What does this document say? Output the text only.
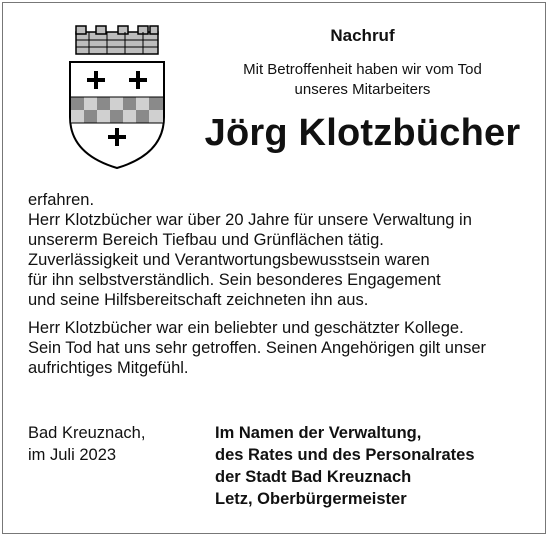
Nachruf
Mit Betroffenheit haben wir vom Tod
unseres Mitarbeiters
Jörg Klotzbücher

erfahren.

Herr Klotzbücher war über 20 Jahre für unsere Verwaltung in
unsererm Bereich Tiefbau und Grünflächen tätig.
Zuverlässigkeit und Verantwortungsbewusstsein waren
für ihn selbstverständlich. Sein besonderes Engagement
und seine Hilfsbereitschaft zeichneten ihn aus.

Herr Klotzbücher war ein beliebter und geschätzter Kollege.
Sein Tod hat uns sehr getroffen. Seinen Angehörigen gilt unser
aufrichtiges Mitgefühl.

Bad Kreuznach,
im Juli 2023
Im Namen der Verwaltung,
des Rates und des Personalrates
der Stadt Bad Kreuznach
Letz, Oberbürgermeister
